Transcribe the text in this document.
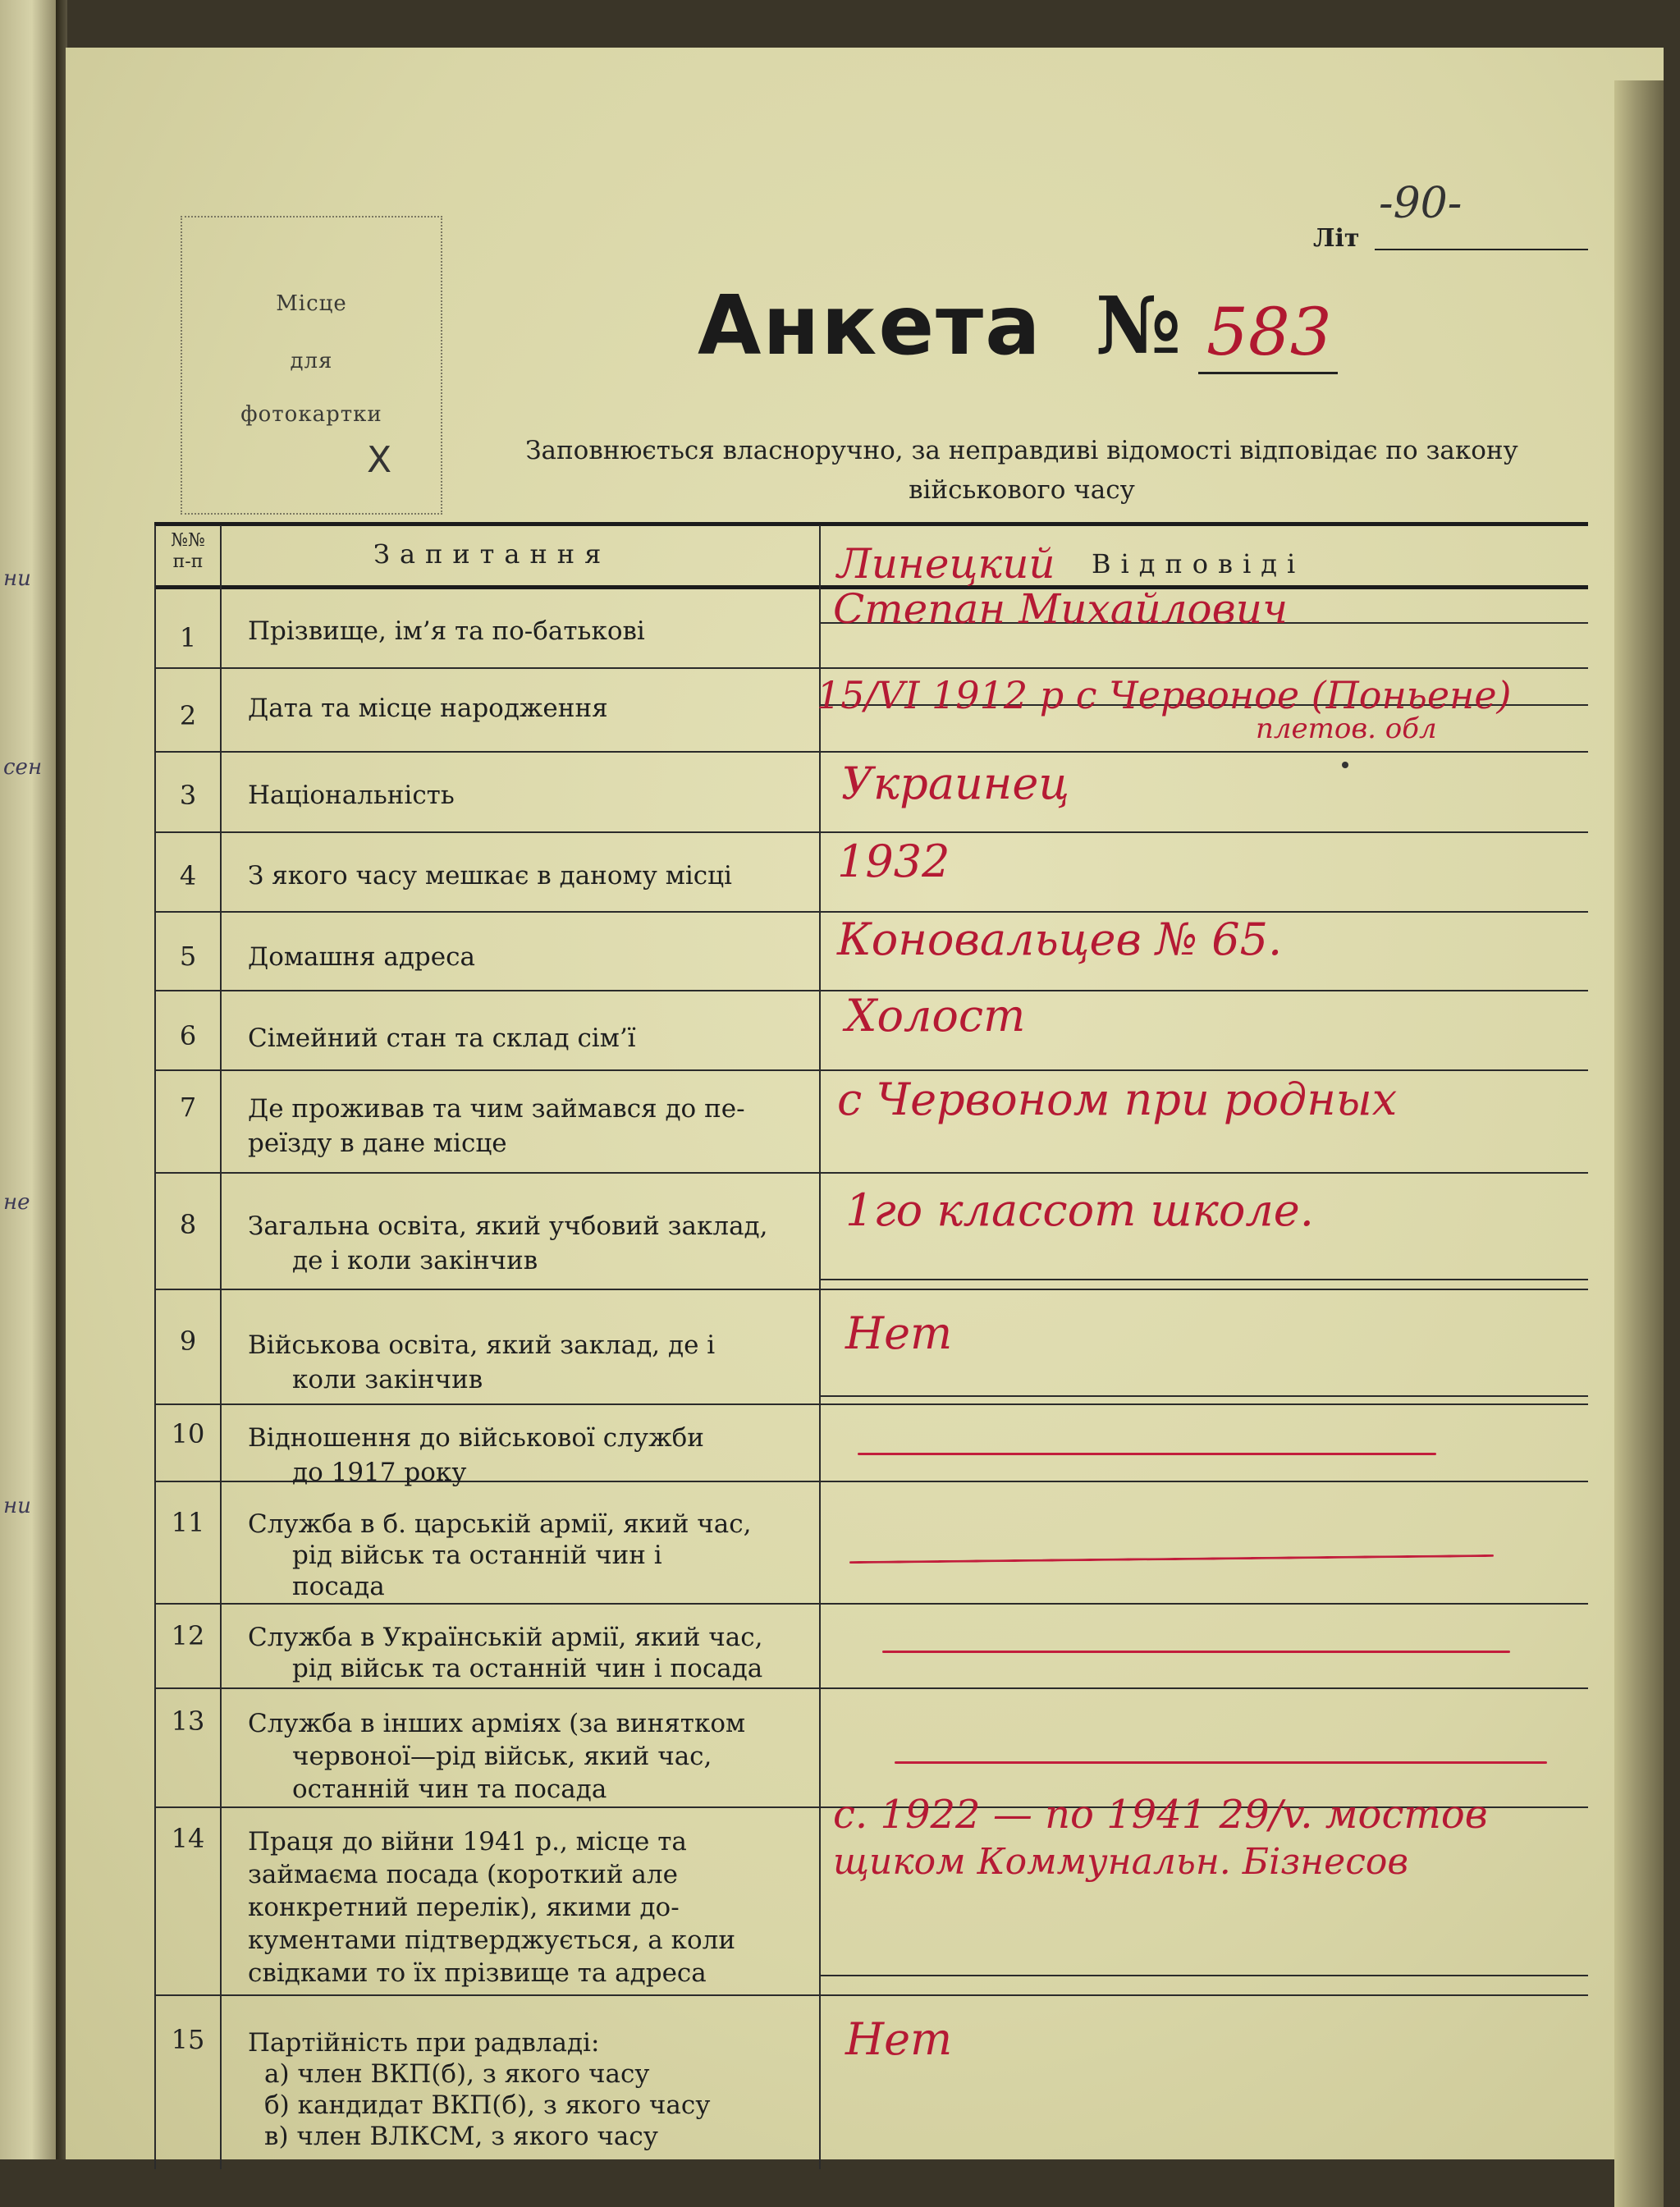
ни
сен
не
ни
Місце
для
фотокартки
X
-90-
Літ
Анкета № 583
Заповнюється власноручно, за неправдиві відомості відповідає по закону
військового часу
№№
п-п	Запитання	Відповіді
1
2
3
4
5
6
7
8
9
10
11
12
13
14
15
Прізвище, ім’я та по-батькові
Дата та місце народження
Національність
З якого часу мешкає в даному місці
Домашня адреса
Сімейний стан та склад сім’ї
Де проживав та чим займався до пе-
реїзду в дане місце
Загальна освіта, який учбовий заклад,
де і коли закінчив
Військова освіта, який заклад, де і
коли закінчив
Відношення до військової служби
до 1917 року
Служба в б. царській армії, який час,
рід військ та останній чин і
посада
Служба в Українській армії, який час,
рід військ та останній чин і посада
Служба в інших арміях (за винятком
червоної—рід військ, який час,
останній чин та посада
Праця до війни 1941 р., місце та
займаєма посада (короткий але
конкретний перелік), якими до-
кументами підтверджується, а коли
свідками то їх прізвище та адреса
Партійність при радвладі:
а) член ВКП(б), з якого часу
б) кандидат ВКП(б), з якого часу
в) член ВЛКСМ, з якого часу
Линецкий
Степан Михайлович
15/VI 1912 р с Червоное (Поньене)
плетов. обл
Украинец
1932
Коновальцев № 65.
Холост
с Червоном при родных
1го классот школе.
Нет
с. 1922 — по 1941 29/v. мостов
щиком Коммунальн. Бізнесов
Нет
